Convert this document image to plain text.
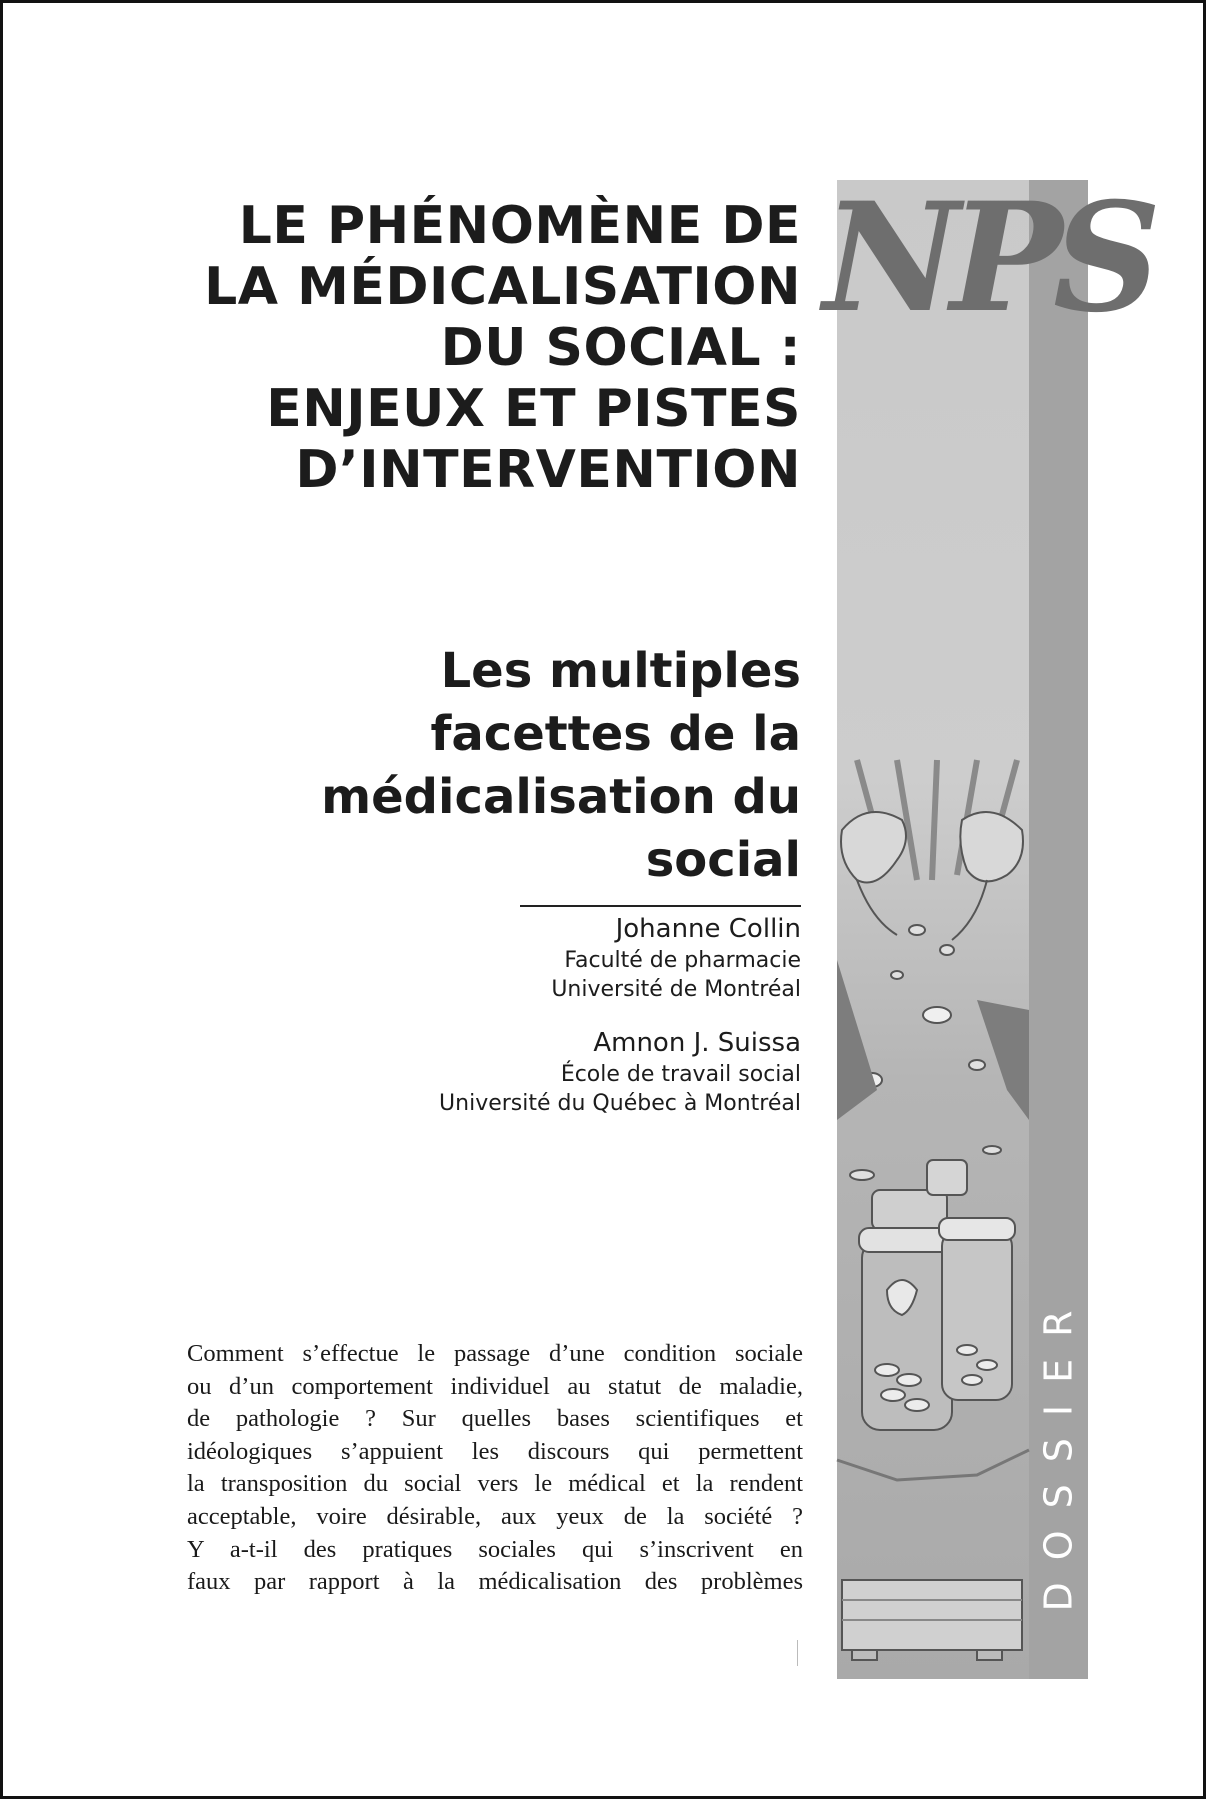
NPS
DOSSIER
LE PHÉNOMÈNE DE
LA MÉDICALISATION
DU SOCIAL :
ENJEUX ET PISTES
D’INTERVENTION
Les multiples
facettes de la
médicalisation du
social
Johanne Collin
Faculté de pharmacie
Université de Montréal
Amnon J. Suissa
École de travail social
Université du Québec à Montréal
Comment s’effectue le passage d’une condition sociale
ou d’un comportement individuel au statut de maladie,
de pathologie ? Sur quelles bases scientifiques et
idéologiques s’appuient les discours qui permettent
la transposition du social vers le médical et la rendent
acceptable, voire désirable, aux yeux de la société ?
Y a-t-il des pratiques sociales qui s’inscrivent en
faux par rapport à la médicalisation des problèmes
